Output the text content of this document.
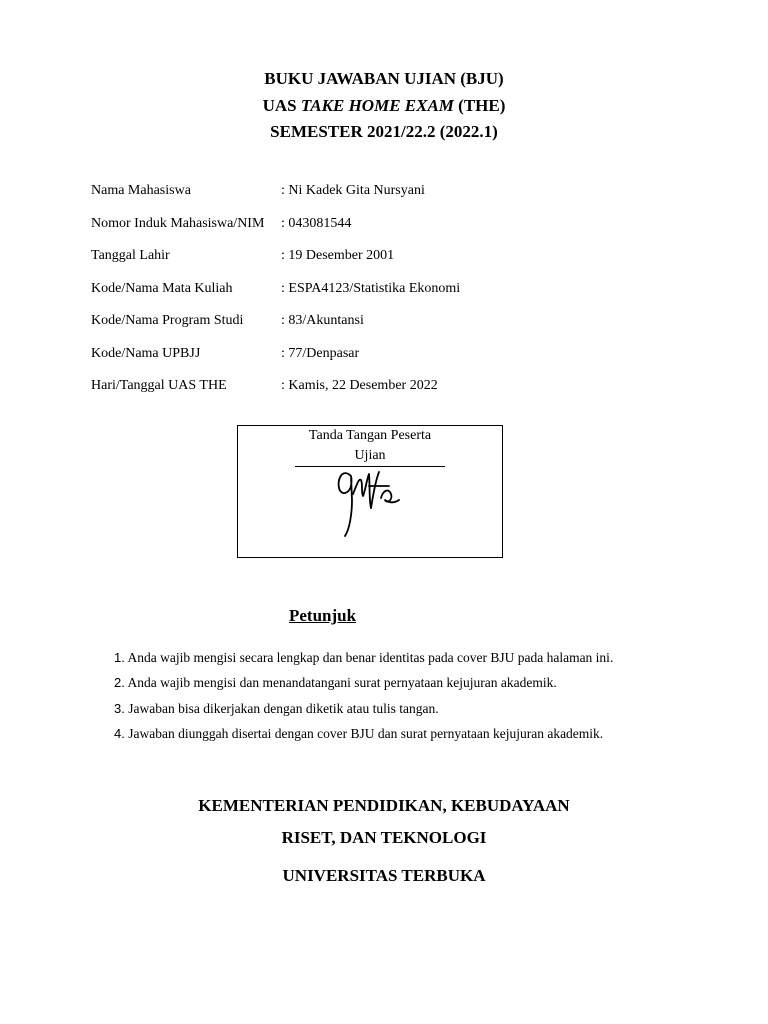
BUKU JAWABAN UJIAN (BJU)
UAS TAKE HOME EXAM (THE)
SEMESTER 2021/22.2 (2022.1)
Nama Mahasiswa	: Ni Kadek Gita Nursyani
Nomor Induk Mahasiswa/NIM	: 043081544
Tanggal Lahir	: 19 Desember 2001
Kode/Nama Mata Kuliah	: ESPA4123/Statistika Ekonomi
Kode/Nama Program Studi	: 83/Akuntansi
Kode/Nama UPBJJ	: 77/Denpasar
Hari/Tanggal UAS THE	: Kamis, 22 Desember 2022
Tanda Tangan Peserta Ujian
Petunjuk
1. Anda wajib mengisi secara lengkap dan benar identitas pada cover BJU pada halaman ini.
2. Anda wajib mengisi dan menandatangani surat pernyataan kejujuran akademik.
3. Jawaban bisa dikerjakan dengan diketik atau tulis tangan.
4. Jawaban diunggah disertai dengan cover BJU dan surat pernyataan kejujuran akademik.
KEMENTERIAN PENDIDIKAN, KEBUDAYAAN
RISET, DAN TEKNOLOGI
UNIVERSITAS TERBUKA
